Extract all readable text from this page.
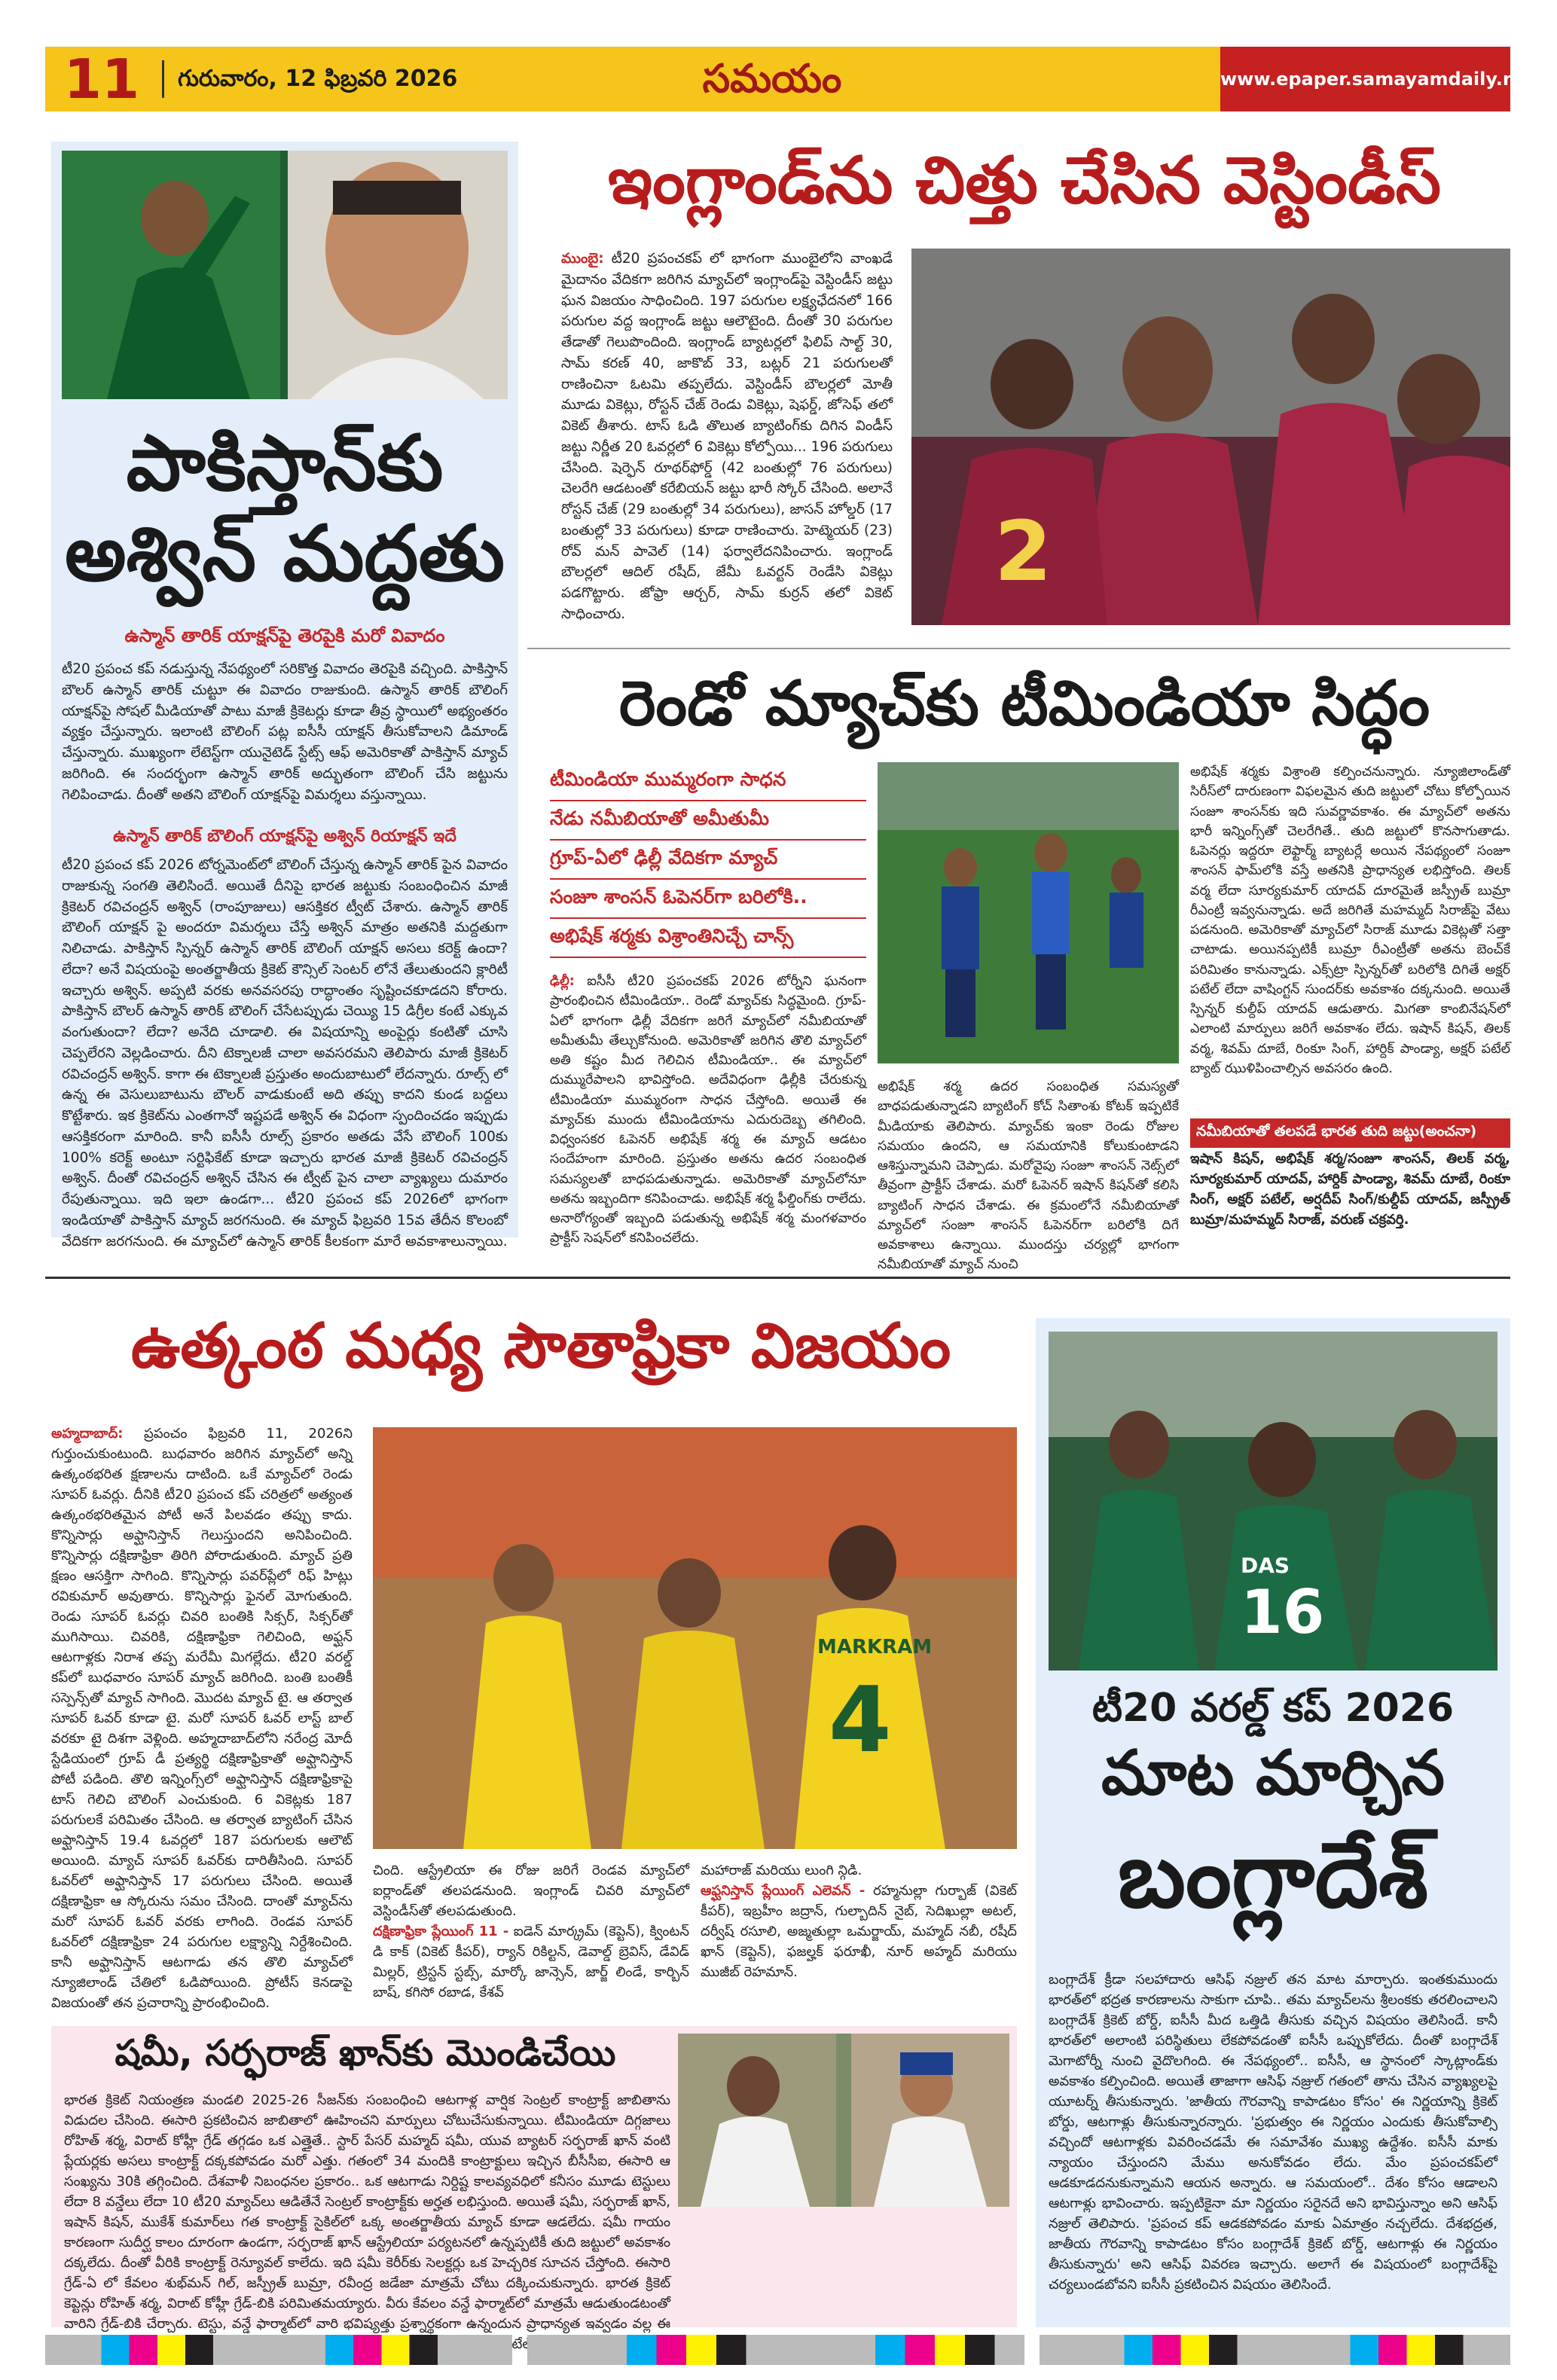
11	గురువారం, 12 ఫిబ్రవరి 2026	సమయం	www.epaper.samayamdaily.net
పాకిస్తాన్‌కు
అశ్విన్ మద్దతు
ఉస్మాన్ తారిక్ యాక్షన్‌పై తెరపైకి మరో వివాదం
టీ20 ప్రపంచ కప్ నడుస్తున్న నేపథ్యంలో సరికొత్త వివాదం తెరపైకి వచ్చింది. పాకిస్తాన్ బౌలర్ ఉస్మాన్ తారిక్ చుట్టూ ఈ వివాదం రాజుకుంది. ఉస్మాన్ తారిక్ బౌలింగ్ యాక్షన్‌పై సోషల్ మీడియాతో పాటు మాజీ క్రికెటర్లు కూడా తీవ్ర స్థాయిలో అభ్యంతరం వ్యక్తం చేస్తున్నారు. ఇలాంటి బౌలింగ్ పట్ల ఐసీసీ యాక్షన్ తీసుకోవాలని డిమాండ్ చేస్తున్నారు. ముఖ్యంగా లేటెస్ట్‌గా యునైటెడ్ స్టేట్స్ ఆఫ్ అమెరికాతో పాకిస్తాన్ మ్యాచ్ జరిగింది. ఈ సందర్భంగా ఉస్మాన్ తారిక్ అద్భుతంగా బౌలింగ్ చేసి జట్టును గెలిపించాడు. దీంతో అతని బౌలింగ్ యాక్షన్‌పై విమర్శలు వస్తున్నాయి.
ఉస్మాన్ తారిక్ బౌలింగ్ యాక్షన్‌పై అశ్విన్ రియాక్షన్ ఇదే
టీ20 ప్రపంచ కప్ 2026 టోర్నమెంట్‌లో బౌలింగ్ చేస్తున్న ఉస్మాన్ తారిక్ పైన వివాదం రాజుకున్న సంగతి తెలిసిందే. అయితే దీనిపై భారత జట్టుకు సంబంధించిన మాజీ క్రికెటర్ రవిచంద్రన్ అశ్విన్ (రాంపూజులు) ఆసక్తికర ట్వీట్ చేశారు. ఉస్మాన్ తారిక్ బౌలింగ్ యాక్షన్ పై అందరూ విమర్శలు చేస్తే అశ్విన్ మాత్రం అతనికి మద్దతుగా నిలిచాడు. పాకిస్తాన్ స్పిన్నర్ ఉస్మాన్ తారిక్ బౌలింగ్ యాక్షన్ అసలు కరెక్ట్ ఉందా? లేదా? అనే విషయంపై అంతర్జాతీయ క్రికెట్ కౌన్సిల్ సెంటర్ లోనే తేలుతుందని క్లారిటీ ఇచ్చారు అశ్విన్. అప్పటి వరకు అనవసరపు రాద్ధాంతం సృష్టించకూడదని కోరారు. పాకిస్తాన్ బౌలర్ ఉస్మాన్ తారిక్ బౌలింగ్ చేసేటప్పుడు చెయ్యి 15 డిగ్రీల కంటే ఎక్కువ వంగుతుందా? లేదా? అనేది చూడాలి. ఈ విషయాన్ని అంపైర్లు కంటితో చూసి చెప్పలేరని వెల్లడించారు. దీని టెక్నాలజీ చాలా అవసరమని తెలిపారు మాజీ క్రికెటర్ రవిచంద్రన్ అశ్విన్. కాగా ఈ టెక్నాలజీ ప్రస్తుతం అందుబాటులో లేదన్నారు. రూల్స్ లో ఉన్న ఈ వెసులుబాటును బౌలర్ వాడుకుంటే అది తప్పు కాదని కుండ బద్దలు కొట్టేశారు. ఇక క్రికెట్‌ను ఎంతగానో ఇష్టపడే అశ్విన్ ఈ విధంగా స్పందించడం ఇప్పుడు ఆసక్తికరంగా మారింది. కానీ ఐసీసీ రూల్స్ ప్రకారం అతడు వేసే బౌలింగ్ 100కు 100% కరెక్ట్ అంటూ సర్టిఫికేట్ కూడా ఇచ్చారు భారత మాజీ క్రికెటర్ రవిచంద్రన్ అశ్విన్. దీంతో రవిచంద్రన్ అశ్విన్ చేసిన ఈ ట్వీట్ పైన చాలా వ్యాఖ్యలు దుమారం రేపుతున్నాయి. ఇది ఇలా ఉండగా... టీ20 ప్రపంచ కప్ 2026లో భాగంగా ఇండియాతో పాకిస్తాన్ మ్యాచ్ జరగనుంది. ఈ మ్యాచ్ ఫిబ్రవరి 15వ తేదీన కొలంబో వేదికగా జరగనుంది. ఈ మ్యాచ్‌లో ఉస్మాన్ తారిక్ కీలకంగా మారే అవకాశాలున్నాయి.
ఇంగ్లాండ్‌ను చిత్తు చేసిన వెస్టిండీస్
ముంబై: టీ20 ప్రపంచకప్ లో భాగంగా ముంబైలోని వాంఖడే మైదానం వేదికగా జరిగిన మ్యాచ్‌లో ఇంగ్లాండ్‌పై వెస్టిండీస్ జట్టు ఘన విజయం సాధించింది. 197 పరుగుల లక్ష్యఛేదనలో 166 పరుగుల వద్ద ఇంగ్లాండ్ జట్టు ఆలౌటైంది. దీంతో 30 పరుగుల తేడాతో గెలుపొందింది. ఇంగ్లాండ్ బ్యాటర్లలో ఫిలిప్ సాల్ట్ 30, సామ్ కరణ్ 40, జాకొబ్ 33, బట్లర్ 21 పరుగులతో రాణించినా ఓటమి తప్పలేదు. వెస్టిండీస్ బౌలర్లలో మోతీ మూడు వికెట్లు, రోస్టన్ చేజ్ రెండు వికెట్లు, షెఫర్డ్, జోసెఫ్ తలో వికెట్ తీశారు. టాస్ ఓడి తొలుత బ్యాటింగ్‌కు దిగిన విండీస్ జట్టు నిర్ణీత 20 ఓవర్లలో 6 వికెట్లు కోల్పోయి... 196 పరుగులు చేసింది. షెర్ఫెన్ రూథర్‌ఫోర్డ్ (42 బంతుల్లో 76 పరుగులు) చెలరేగి ఆడటంతో కరేబియన్ జట్టు భారీ స్కోర్ చేసింది. అలానే రోస్టన్ చేజ్ (29 బంతుల్లో 34 పరుగులు), జాసన్ హోల్డర్ (17 బంతుల్లో 33 పరుగులు) కూడా రాణించారు. హెట్మెయర్ (23) రోవ్ మన్ పావెల్ (14) ఫర్వాలేదనిపించారు. ఇంగ్లాండ్ బౌలర్లలో ఆదిల్ రషీద్, జేమీ ఓవర్టన్ రెండేసి వికెట్లు పడగొట్టారు. జోఫ్రా ఆర్చర్, సామ్ కుర్రన్ తలో వికెట్ సాధించారు.
2
రెండో మ్యాచ్‌కు టీమిండియా సిద్ధం
టీమిండియా ముమ్మరంగా సాధన
నేడు నమీబియాతో అమీతుమీ
గ్రూప్-ఏలో ఢిల్లీ వేదికగా మ్యాచ్
సంజూ శాంసన్ ఓపెనర్‌గా బరిలోకి..
అభిషేక్ శర్మకు విశ్రాంతినిచ్చే చాన్స్
ఢిల్లీ: ఐసీసీ టీ20 ప్రపంచకప్ 2026 టోర్నీని ఘనంగా ప్రారంభించిన టీమిండియా.. రెండో మ్యాచ్‌కు సిద్ధమైంది. గ్రూప్-ఏలో భాగంగా ఢిల్లీ వేదికగా జరిగే మ్యాచ్‌లో నమీబియాతో అమీతుమీ తేల్చుకోనుంది. అమెరికాతో జరిగిన తొలి మ్యాచ్‌లో అతి కష్టం మీద గెలిచిన టీమిండియా.. ఈ మ్యాచ్‌లో దుమ్మురేపాలని భావిస్తోంది. అదేవిధంగా ఢిల్లీకి చేరుకున్న టీమిండియా ముమ్మరంగా సాధన చేస్తోంది. అయితే ఈ మ్యాచ్‌కు ముందు టీమిండియాను ఎదురుదెబ్బ తగిలింది. విధ్వంసకర ఓపెనర్ అభిషేక్ శర్మ ఈ మ్యాచ్ ఆడటం సందేహంగా మారింది. ప్రస్తుతం అతను ఉదర సంబంధిత సమస్యలతో బాధపడుతున్నాడు. అమెరికాతో మ్యాచ్‌లోనూ అతను ఇబ్బందిగా కనిపించాడు. అభిషేక్ శర్మ ఫీల్డింగ్‌కు రాలేదు. అనారోగ్యంతో ఇబ్బంది పడుతున్న అభిషేక్ శర్మ మంగళవారం ప్రాక్టీస్ సెషన్‌లో కనిపించలేదు.
అభిషేక్ శర్మ ఉదర సంబంధిత సమస్యతో బాధపడుతున్నాడని బ్యాటింగ్ కోచ్ సితాంశు కోటక్ ఇప్పటికే మీడియాకు తెలిపారు. మ్యాచ్‌కు ఇంకా రెండు రోజుల సమయం ఉందని, ఆ సమయానికి కోలుకుంటాడని ఆశిస్తున్నామని చెప్పాడు. మరోవైపు సంజూ శాంసన్ నెట్స్‌లో తీవ్రంగా ప్రాక్టీస్ చేశాడు. మరో ఓపెనర్ ఇషాన్ కిషన్‌తో కలిసి బ్యాటింగ్ సాధన చేశాడు. ఈ క్రమంలోనే నమీబియాతో మ్యాచ్‌లో సంజూ శాంసన్ ఓపెనర్‌గా బరిలోకి దిగే అవకాశాలు ఉన్నాయి. ముందస్తు చర్యల్లో భాగంగా నమీబియాతో మ్యాచ్ నుంచి
అభిషేక్ శర్మకు విశ్రాంతి కల్పించనున్నారు. న్యూజిలాండ్‌తో సిరీస్‌లో దారుణంగా విఫలమైన తుది జట్టులో చోటు కోల్పోయిన సంజూ శాంసన్‌కు ఇది సువర్ణావకాశం. ఈ మ్యాచ్‌లో అతను భారీ ఇన్నింగ్స్‌తో చెలరేగితే.. తుది జట్టులో కొనసాగుతాడు. ఓపెనర్లు ఇద్దరూ లెఫ్టార్మ్ బ్యాటర్లే అయిన నేపథ్యంలో సంజూ శాంసన్ ఫామ్‌లోకి వస్తే అతనికి ప్రాధాన్యత లభిస్తోంది. తిలక్ వర్మ లేదా సూర్యకుమార్ యాదవ్ దూరమైతే జస్ప్రీత్ బుమ్రా రీఎంట్రీ ఇవ్వనున్నాడు. అదే జరిగితే మహమ్మద్ సిరాజ్‌పై వేటు పడనుంది. అమెరికాతో మ్యాచ్‌లో సిరాజ్ మూడు వికెట్లతో సత్తా చాటాడు. అయినప్పటికీ బుమ్రా రీఎంట్రీతో అతను బెంచ్‌కే పరిమితం కానున్నాడు. ఎక్స్‌ట్రా స్పిన్నర్‌తో బరిలోకి దిగితే అక్షర్ పటేల్ లేదా వాషింగ్టన్ సుందర్‌కు అవకాశం దక్కనుంది. అయితే స్పిన్నర్ కుల్దీప్ యాదవ్ ఆడుతారు. మిగతా కాంబినేషన్‌లో ఎలాంటి మార్పులు జరిగే అవకాశం లేదు. ఇషాన్ కిషన్, తిలక్ వర్మ, శివమ్ దూబే, రింకూ సింగ్, హార్దిక్ పాండ్యా, అక్షర్ పటేల్ బ్యాట్ ఝుళిపించాల్సిన అవసరం ఉంది.
నమీబియాతో తలపడే భారత తుది జట్టు(అంచనా)
ఇషాన్ కిషన్, అభిషేక్ శర్మ/సంజూ శాంసన్, తిలక్ వర్మ, సూర్యకుమార్ యాదవ్, హార్దిక్ పాండ్యా, శివమ్ దూబే, రింకూ సింగ్, అక్షర్ పటేల్, అర్షదీప్ సింగ్/కుల్దీప్ యాదవ్, జస్ప్రీత్ బుమ్రా/మహమ్మద్ సిరాజ్, వరుణ్ చక్రవర్తి.
ఉత్కంఠ మధ్య సౌతాఫ్రికా విజయం
అహ్మదాబాద్: ప్రపంచం ఫిబ్రవరి 11, 2026ని గుర్తుంచుకుంటుంది. బుధవారం జరిగిన మ్యాచ్‌లో అన్ని ఉత్కంఠభరిత క్షణాలను దాటింది. ఒకే మ్యాచ్‌లో రెండు సూపర్ ఓవర్లు. దీనికి టీ20 ప్రపంచ కప్ చరిత్రలో అత్యంత ఉత్కంఠభరితమైన పోటీ అనే పిలవడం తప్పు కాదు. కొన్నిసార్లు అఫ్ఘానిస్తాన్ గెలుస్తుందని అనిపించింది. కొన్నిసార్లు దక్షిణాఫ్రికా తిరిగి పోరాడుతుంది. మ్యాచ్ ప్రతి క్షణం ఆసక్తిగా సాగింది. కొన్నిసార్లు పవర్‌ప్లేలో రిఫ్ హిట్లు రవికుమార్ అవుతారు. కొన్నిసార్లు ఫైనల్ మోగుతుంది. రెండు సూపర్ ఓవర్లు చివరి బంతికి సిక్సర్, సిక్సర్‌తో ముగిసాయి. చివరికి, దక్షిణాఫ్రికా గెలిచింది, అఫ్ఘన్ ఆటగాళ్లకు నిరాశ తప్ప మరేమీ మిగల్లేదు. టీ20 వరల్డ్ కప్‌లో బుధవారం సూపర్ మ్యాచ్ జరిగింది. బంతి బంతికీ సస్పెన్స్‌తో మ్యాచ్ సాగింది. మొదట మ్యాచ్ టై. ఆ తర్వాత సూపర్ ఓవర్ కూడా టై. మరో సూపర్ ఓవర్ లాస్ట్ బాల్ వరకూ టై దిశగా వెళ్లింది. అహ్మదాబాద్‌లోని నరేంద్ర మోదీ స్టేడియంలో గ్రూప్ డీ ప్రత్యర్థి దక్షిణాఫ్రికాతో అఫ్ఘానిస్తాన్ పోటీ పడింది. తొలి ఇన్నింగ్స్‌లో అఫ్ఘానిస్తాన్ దక్షిణాఫ్రికాపై టాస్ గెలిచి బౌలింగ్ ఎంచుకుంది. 6 వికెట్లకు 187 పరుగులకే పరిమితం చేసింది. ఆ తర్వాత బ్యాటింగ్ చేసిన అఫ్ఘానిస్తాన్ 19.4 ఓవర్లలో 187 పరుగులకు ఆలౌట్ అయింది. మ్యాచ్ సూపర్ ఓవర్‌కు దారితీసింది. సూపర్ ఓవర్‌లో అఫ్ఘానిస్తాన్ 17 పరుగులు చేసింది. అయితే దక్షిణాఫ్రికా ఆ స్కోరును సమం చేసింది. దాంతో మ్యాచ్‌ను మరో సూపర్ ఓవర్ వరకు లాగింది. రెండవ సూపర్ ఓవర్‌లో దక్షిణాఫ్రికా 24 పరుగుల లక్ష్యాన్ని నిర్దేశించింది. కానీ అఫ్ఘానిస్తాన్ ఆటగాడు తన తొలి మ్యాచ్‌లో న్యూజిలాండ్ చేతిలో ఓడిపోయింది. ప్రోటీస్ కెనడాపై విజయంతో తన ప్రచారాన్ని ప్రారంభించింది.
4
MARKRAM
చింది. ఆస్ట్రేలియా ఈ రోజు జరిగే రెండవ మ్యాచ్‌లో ఐర్లాండ్‌తో తలపడనుంది. ఇంగ్లాండ్ చివరి మ్యాచ్‌లో వెస్టిండీస్‌తో తలపడుతుంది.
దక్షిణాఫ్రికా ప్లేయింగ్ 11 - ఐడెన్ మార్క్రమ్ (కెప్టెన్), క్వింటన్ డి కాక్ (వికెట్ కీపర్), ర్యాన్ రికిల్టన్, డెవాల్డ్ బ్రెవిస్, డేవిడ్ మిల్లర్, ట్రిస్టన్ స్టబ్స్, మార్కో జాన్సెన్, జార్జ్ లిండే, కార్బిన్ బాష్, కగిసో రబాడ, కేశవ్
మహారాజ్ మరియు లుంగి న్గిడి.
ఆఫ్ఘనిస్తాన్ ప్లేయింగ్ ఎలెవన్ - రహ్మనుల్లా గుర్బాజ్ (వికెట్ కీపర్), ఇబ్రహీం జద్రాన్, గుల్బాదిన్ నైబ్, సెదిఖుల్లా అటల్, దర్వీష్ రసూలి, అజ్మతుల్లా ఒమర్జాయ్, మహ్మద్ నబీ, రషీద్ ఖాన్ (కెప్టెన్), ఫజల్హక్ ఫరూఖీ, నూర్ అహ్మద్ మరియు ముజీబ్ రెహమాన్.
DAS
16
టీ20 వరల్డ్ కప్ 2026
మాట మార్చిన
బంగ్లాదేశ్
బంగ్లాదేశ్ క్రీడా సలహాదారు ఆసిఫ్ నజ్రుల్ తన మాట మార్చారు. ఇంతకుముందు భారత్‌లో భద్రత కారణాలను సాకుగా చూపి.. తమ మ్యాచ్‌లను శ్రీలంకకు తరలించాలని బంగ్లాదేశ్ క్రికెట్ బోర్డ్, ఐసీసీ మీద ఒత్తిడి తీసుకు వచ్చిన విషయం తెలిసిందే. కానీ భారత్‌లో అలాంటి పరిస్థితులు లేకపోవడంతో ఐసీసీ ఒప్పుకోలేదు. దీంతో బంగ్లాదేశ్ మెగాటోర్నీ నుంచి వైదొలగింది. ఈ నేపథ్యంలో.. ఐసీసీ, ఆ స్థానంలో స్కాట్లాండ్‌కు అవకాశం కల్పించింది. అయితే తాజాగా ఆసిఫ్ నజ్రుల్ గతంలో తాను చేసిన వ్యాఖ్యలపై యూటర్న్ తీసుకున్నారు. 'జాతీయ గౌరవాన్ని కాపాడటం కోసం' ఈ నిర్ణయాన్ని క్రికెట్ బోర్డు, ఆటగాళ్లు తీసుకున్నారన్నారు. 'ప్రభుత్వం ఈ నిర్ణయం ఎందుకు తీసుకోవాల్సి వచ్చిందో ఆటగాళ్లకు వివరించడమే ఈ సమావేశం ముఖ్య ఉద్దేశం. ఐసీసీ మాకు న్యాయం చేస్తుందని మేము అనుకోవడం లేదు. మేం ప్రపంచకప్‌లో ఆడకూడదనుకున్నామని ఆయన అన్నారు. ఆ సమయంలో.. దేశం కోసం ఆడాలని ఆటగాళ్లు భావించారు. ఇప్పటికైనా మా నిర్ణయం సరైనదే అని భావిస్తున్నాం అని ఆసిఫ్ నజ్రుల్ తెలిపారు. 'ప్రపంచ కప్ ఆడకపోవడం మాకు ఏమాత్రం నచ్చలేదు. దేశభద్రత, జాతీయ గౌరవాన్ని కాపాడటం కోసం బంగ్లాదేశ్ క్రికెట్ బోర్డ్, ఆటగాళ్లు ఈ నిర్ణయం తీసుకున్నారు' అని ఆసిఫ్ వివరణ ఇచ్చారు. అలాగే ఈ విషయంలో బంగ్లాదేశ్‌పై చర్యలుండబోవని ఐసీసీ ప్రకటించిన విషయం తెలిసిందే.
షమీ, సర్ఫరాజ్ ఖాన్‌కు మొండిచేయి
భారత క్రికెట్ నియంత్రణ మండలి 2025-26 సీజన్‌కు సంబంధించి ఆటగాళ్ల వార్షిక సెంట్రల్ కాంట్రాక్ట్ జాబితాను విడుదల చేసింది. ఈసారి ప్రకటించిన జాబితాలో ఊహించని మార్పులు చోటుచేసుకున్నాయి. టీమిండియా దిగ్గజాలు రోహిత్ శర్మ, విరాట్ కోహ్లీ గ్రేడ్ తగ్గడం ఒక ఎత్తైతే.. స్టార్ పేసర్ మహ్మద్ షమీ, యువ బ్యాటర్ సర్ఫరాజ్ ఖాన్ వంటి ప్లేయర్లకు అసలు కాంట్రాక్ట్ దక్కకపోవడం మరో ఎత్తు. గతంలో 34 మందికి కాంట్రాక్టులు ఇచ్చిన బీసీసీఐ, ఈసారి ఆ సంఖ్యను 30కి తగ్గించింది. దేశవాళీ నిబంధనల ప్రకారం.. ఒక ఆటగాడు నిర్దిష్ట కాలవ్యవధిలో కనీసం మూడు టెస్టులు లేదా 8 వన్డేలు లేదా 10 టీ20 మ్యాచ్‌లు ఆడితేనే సెంట్రల్ కాంట్రాక్ట్‌కు అర్హత లభిస్తుంది. అయితే షమీ, సర్ఫరాజ్ ఖాన్, ఇషాన్ కిషన్, ముకేశ్ కుమార్‌లు గత కాంట్రాక్ట్ సైకిల్‌లో ఒక్క అంతర్జాతీయ మ్యాచ్ కూడా ఆడలేదు. షమీ గాయం కారణంగా సుదీర్ఘ కాలం దూరంగా ఉండగా, సర్ఫరాజ్ ఖాన్ ఆస్ట్రేలియా పర్యటనలో ఉన్నప్పటికీ తుది జట్టులో అవకాశం దక్కలేదు. దీంతో వీరికి కాంట్రాక్ట్ రెన్యూవల్ కాలేదు. ఇది షమీ కెరీర్‌కు సెలక్టర్లు ఒక హెచ్చరిక సూచన చేస్తోంది. ఈసారి గ్రేడ్-ఏ లో కేవలం శుభ్‌మన్ గిల్, జస్ప్రీత్ బుమ్రా, రవీంద్ర జడేజా మాత్రమే చోటు దక్కించుకున్నారు. భారత క్రికెట్ కెప్టెన్లు రోహిత్ శర్మ, విరాట్ కోహ్లీ గ్రేడ్-బికి పరిమితమయ్యారు. వీరు కేవలం వన్డే ఫార్మాట్‌లో మాత్రమే ఆడుతుండటంతో వారిని గ్రేడ్-బికి చేర్చారు. టెస్టు, వన్డే ఫార్మాట్‌లో వారి భవిష్యత్తు ప్రశ్నార్థకంగా ఉన్నందున ప్రాధాన్యత ఇవ్వడం వల్ల ఈ పటేల్
